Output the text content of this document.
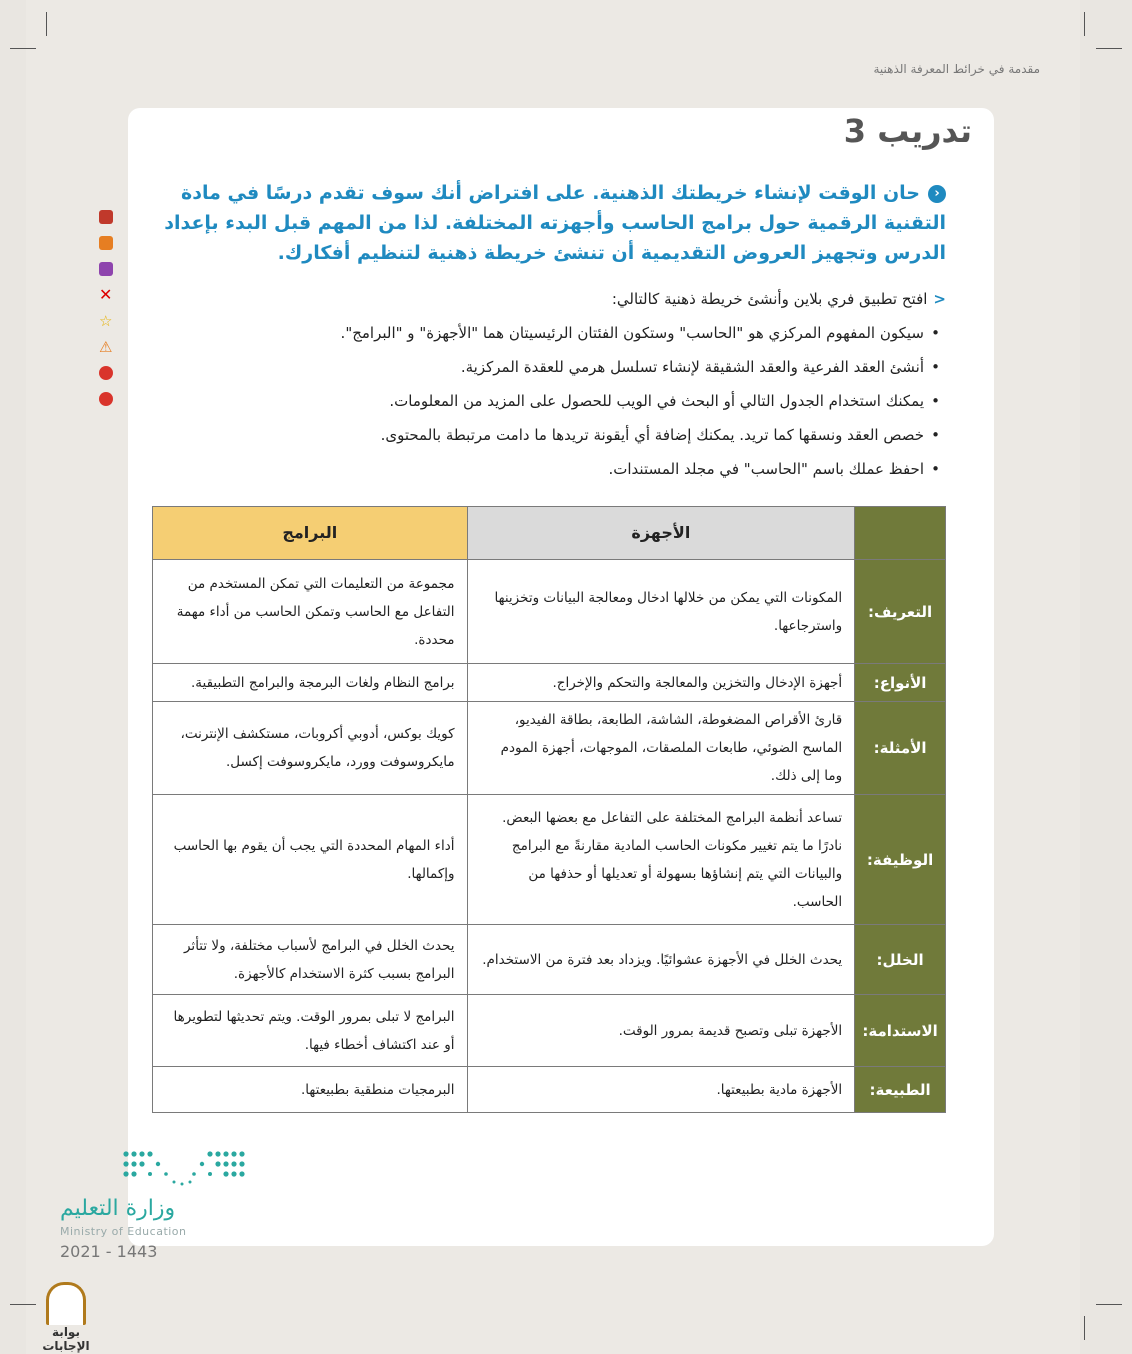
مقدمة في خرائط المعرفة الذهنية
تدريب 3
‹حان الوقت لإنشاء خريطتك الذهنية. على افتراض أنك سوف تقدم درسًا في مادة التقنية الرقمية حول برامج الحاسب وأجهزته المختلفة. لذا من المهم قبل البدء بإعداد الدرس وتجهيز العروض التقديمية أن تنشئ خريطة ذهنية لتنظيم أفكارك.
<افتح تطبيق فري بلاين وأنشئ خريطة ذهنية كالتالي:
• سيكون المفهوم المركزي هو "الحاسب" وستكون الفئتان الرئيسيتان هما "الأجهزة" و "البرامج".
• أنشئ العقد الفرعية والعقد الشقيقة لإنشاء تسلسل هرمي للعقدة المركزية.
• يمكنك استخدام الجدول التالي أو البحث في الويب للحصول على المزيد من المعلومات.
• خصص العقد ونسقها كما تريد. يمكنك إضافة أي أيقونة تريدها ما دامت مرتبطة بالمحتوى.
• احفظ عملك باسم "الحاسب" في مجلد المستندات.
✕
☆
⚠
	الأجهزة	البرامج
التعريف:	المكونات التي يمكن من خلالها ادخال ومعالجة البيانات وتخزينها واسترجاعها.	مجموعة من التعليمات التي تمكن المستخدم من التفاعل مع الحاسب وتمكن الحاسب من أداء مهمة محددة.
الأنواع:	أجهزة الإدخال والتخزين والمعالجة والتحكم والإخراج.	برامج النظام ولغات البرمجة والبرامج التطبيقية.
الأمثلة:	قارئ الأقراص المضغوطة، الشاشة، الطابعة، بطاقة الفيديو، الماسح الضوئي، طابعات الملصقات، الموجهات، أجهزة المودم وما إلى ذلك.	كويك بوكس، أدوبي أكروبات، مستكشف الإنترنت، مايكروسوفت وورد، مايكروسوفت إكسل.
الوظيفة:	تساعد أنظمة البرامج المختلفة على التفاعل مع بعضها البعض. نادرًا ما يتم تغيير مكونات الحاسب المادية مقارنةً مع البرامج والبيانات التي يتم إنشاؤها بسهولة أو تعديلها أو حذفها من الحاسب.	أداء المهام المحددة التي يجب أن يقوم بها الحاسب وإكمالها.
الخلل:	يحدث الخلل في الأجهزة عشوائيًا. ويزداد بعد فترة من الاستخدام.	يحدث الخلل في البرامج لأسباب مختلفة، ولا تتأثر البرامج بسبب كثرة الاستخدام كالأجهزة.
الاستدامة:	الأجهزة تبلى وتصبح قديمة بمرور الوقت.	البرامج لا تبلى بمرور الوقت. ويتم تحديثها لتطويرها أو عند اكتشاف أخطاء فيها.
الطبيعة:	الأجهزة مادية بطبيعتها.	البرمجيات منطقية بطبيعتها.
وزارة التعليم
Ministry of Education
2021 - 1443
بوابة الإجابات
